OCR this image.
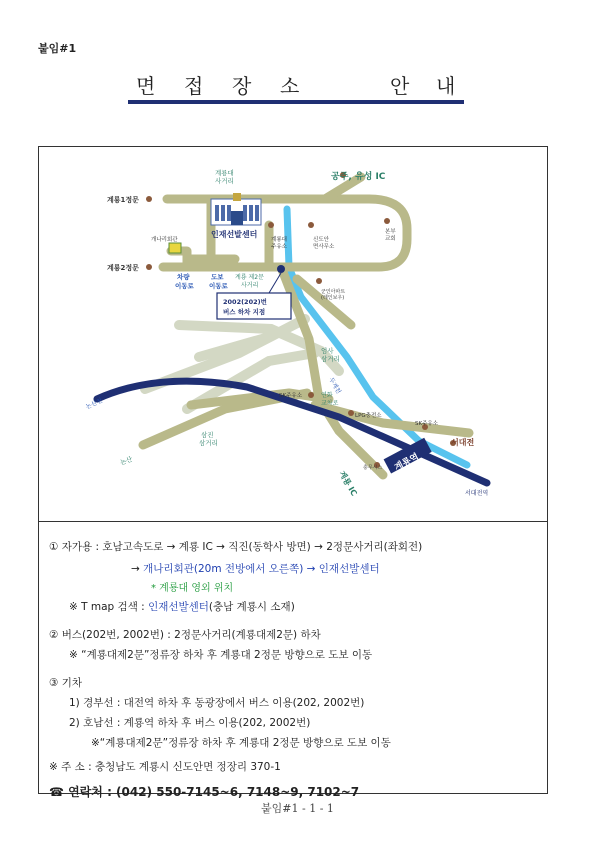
붙임#1
면 접 장 소	안 내
공주, 유성 IC
계룡대
사거리
계룡1정문
계룡2정문
개나리회관
인재선발센터
계룡대
주유소
신도안
면사무소
본부
교회
군인아파트
(레인보우)
차량
이동로
도보
이동로
계룡 제2문
사거리
2002(202)번
버스 하차 지점
엄사
삼거리
두계천
SK주유소	연화
교차로
LPG충전소
SK주유소
논산천
논산
삼진
삼거리	서대전
계룡역
충무시스
계룡 IC	서대전역
① 자가용 : 호남고속도로 → 계룡 IC → 직진(동학사 방면) → 2정문사거리(좌회전)
→ 개나리회관(20m 전방에서 오른쪽) → 인재선발센터
* 계룡대 영외 위치
※ T map 검색 : 인재선발센터(충남 계룡시 소재)
② 버스(202번, 2002번) : 2정문사거리(계룡대제2문) 하차
※ “계룡대제2문”정류장 하차 후 계룡대 2정문 방향으로 도보 이동
③ 기차
1) 경부선 : 대전역 하차 후 동광장에서 버스 이용(202, 2002번)
2) 호남선 : 계룡역 하차 후 버스 이용(202, 2002번)
※“계룡대제2문”정류장 하차 후 계룡대 2정문 방향으로 도보 이동
※ 주 소 : 충청남도 계룡시 신도안면 정장리 370-1
☎ 연락처 : (042) 550-7145~6, 7148~9, 7102~7
붙임#1 - 1 - 1
